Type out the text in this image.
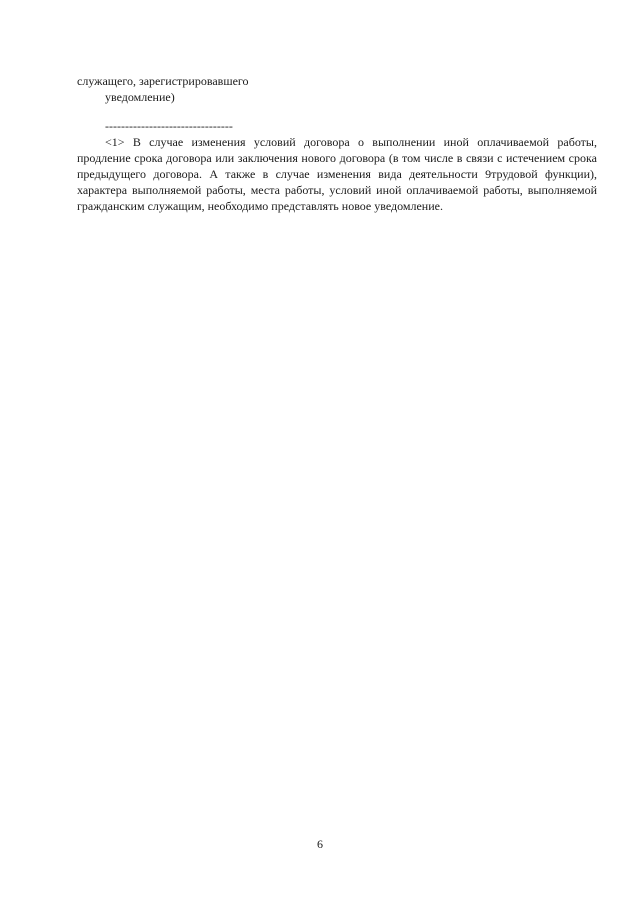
служащего, зарегистрировавшего
уведомление)
--------------------------------

<1> В случае изменения условий договора о выполнении иной оплачиваемой работы, продление срока договора или заключения нового договора (в том числе в связи с истечением срока предыдущего договора. А также в случае изменения вида деятельности 9трудовой функции), характера выполняемой работы, места работы, условий иной оплачиваемой работы, выполняемой гражданским служащим, необходимо представлять новое уведомление.

6
